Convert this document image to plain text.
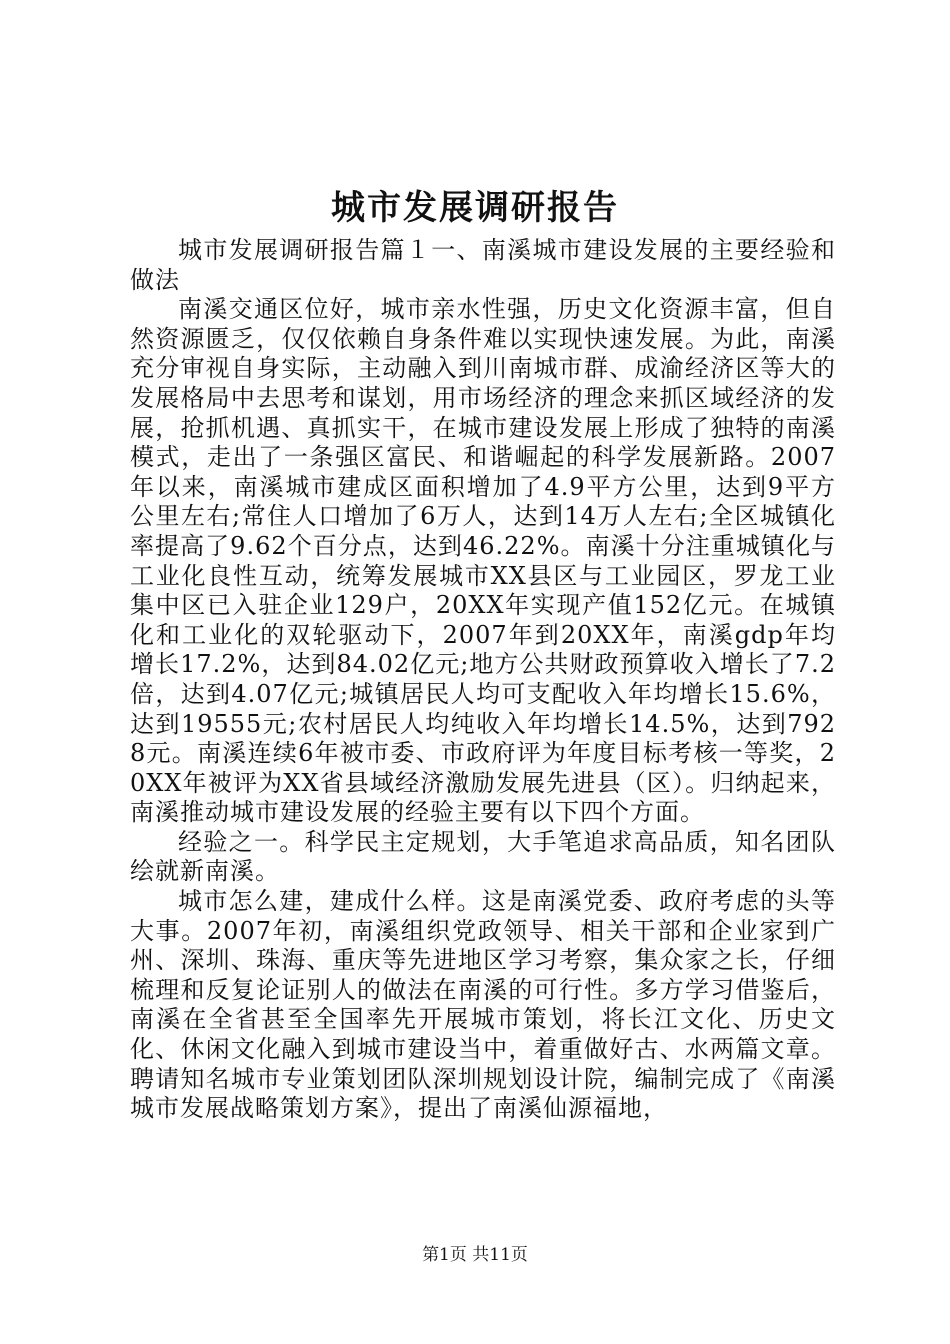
城市发展调研报告

城市发展调研报告篇１一、南溪城市建设发展的主要经验和做法

南溪交通区位好，城市亲水性强，历史文化资源丰富，但自然资源匮乏，仅仅依赖自身条件难以实现快速发展。为此，南溪充分审视自身实际，主动融入到川南城市群、成渝经济区等大的发展格局中去思考和谋划，用市场经济的理念来抓区域经济的发展，抢抓机遇、真抓实干，在城市建设发展上形成了独特的南溪模式，走出了一条强区富民、和谐崛起的科学发展新路。2007年以来，南溪城市建成区面积增加了4.9平方公里，达到9平方公里左右;常住人口增加了6万人，达到14万人左右;全区城镇化率提高了9.62个百分点，达到46.22%。南溪十分注重城镇化与工业化良性互动，统筹发展城市XX县区与工业园区，罗龙工业集中区已入驻企业129户，20XX年实现产值152亿元。在城镇化和工业化的双轮驱动下，2007年到20XX年，南溪gdp年均增长17.2%，达到84.02亿元;地方公共财政预算收入增长了7.2倍，达到4.07亿元;城镇居民人均可支配收入年均增长15.6%，达到19555元;农村居民人均纯收入年均增长14.5%，达到7928元。南溪连续6年被市委、市政府评为年度目标考核一等奖，20XX年被评为XX省县域经济激励发展先进县（区）。归纳起来，南溪推动城市建设发展的经验主要有以下四个方面。

经验之一。科学民主定规划，大手笔追求高品质，知名团队绘就新南溪。

城市怎么建，建成什么样。这是南溪党委、政府考虑的头等大事。2007年初，南溪组织党政领导、相关干部和企业家到广州、深圳、珠海、重庆等先进地区学习考察，集众家之长，仔细梳理和反复论证别人的做法在南溪的可行性。多方学习借鉴后，南溪在全省甚至全国率先开展城市策划，将长江文化、历史文化、休闲文化融入到城市建设当中，着重做好古、水两篇文章。聘请知名城市专业策划团队深圳规划设计院，编制完成了《南溪城市发展战略策划方案》，提出了南溪仙源福地，

第1页 共11页
